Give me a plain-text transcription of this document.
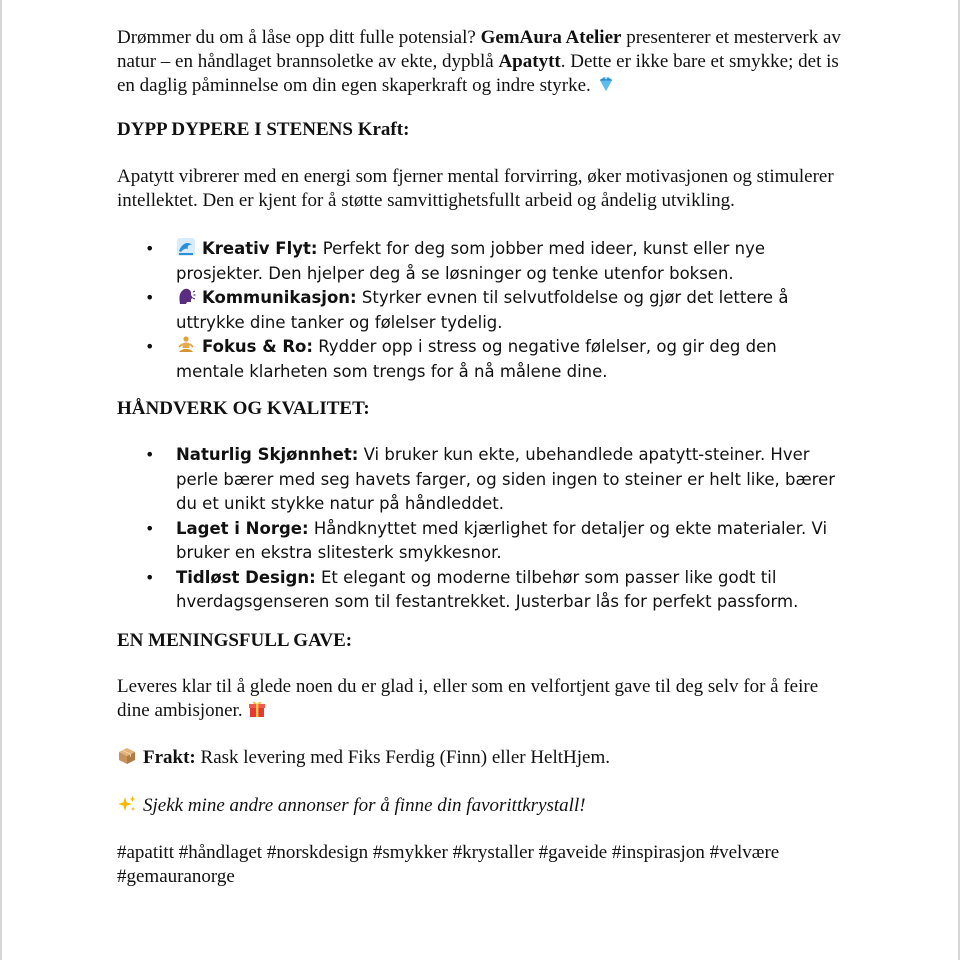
Drømmer du om å låse opp ditt fulle potensial? GemAura Atelier presenterer et mesterverk av natur – en håndlaget brannsoletke av ekte, dypblå Apatytt. Dette er ikke bare et smykke; det is en daglig påminnelse om din egen skaperkraft og indre styrke.

DYPP DYPERE I STENENS Kraft:

Apatytt vibrerer med en energi som fjerner mental forvirring, øker motivasjonen og stimulerer intellektet. Den er kjent for å støtte samvittighetsfullt arbeid og åndelig utvikling.

• Kreativ Flyt: Perfekt for deg som jobber med ideer, kunst eller nye prosjekter. Den hjelper deg å se løsninger og tenke utenfor boksen.
• Kommunikasjon: Styrker evnen til selvutfoldelse og gjør det lettere å uttrykke dine tanker og følelser tydelig.
• Fokus & Ro: Rydder opp i stress og negative følelser, og gir deg den mentale klarheten som trengs for å nå målene dine.

HÅNDVERK OG KVALITET:

• Naturlig Skjønnhet: Vi bruker kun ekte, ubehandlede apatytt-steiner. Hver perle bærer med seg havets farger, og siden ingen to steiner er helt like, bærer du et unikt stykke natur på håndleddet.
• Laget i Norge: Håndknyttet med kjærlighet for detaljer og ekte materialer. Vi bruker en ekstra slitesterk smykkesnor.
• Tidløst Design: Et elegant og moderne tilbehør som passer like godt til hverdagsgenseren som til festantrekket. Justerbar lås for perfekt passform.

EN MENINGSFULL GAVE:

Leveres klar til å glede noen du er glad i, eller som en velfortjent gave til deg selv for å feire dine ambisjoner.

Frakt: Rask levering med Fiks Ferdig (Finn) eller HeltHjem.

Sjekk mine andre annonser for å finne din favorittkrystall!

#apatitt #håndlaget #norskdesign #smykker #krystaller #gaveide #inspirasjon #velvære #gemauranorge
